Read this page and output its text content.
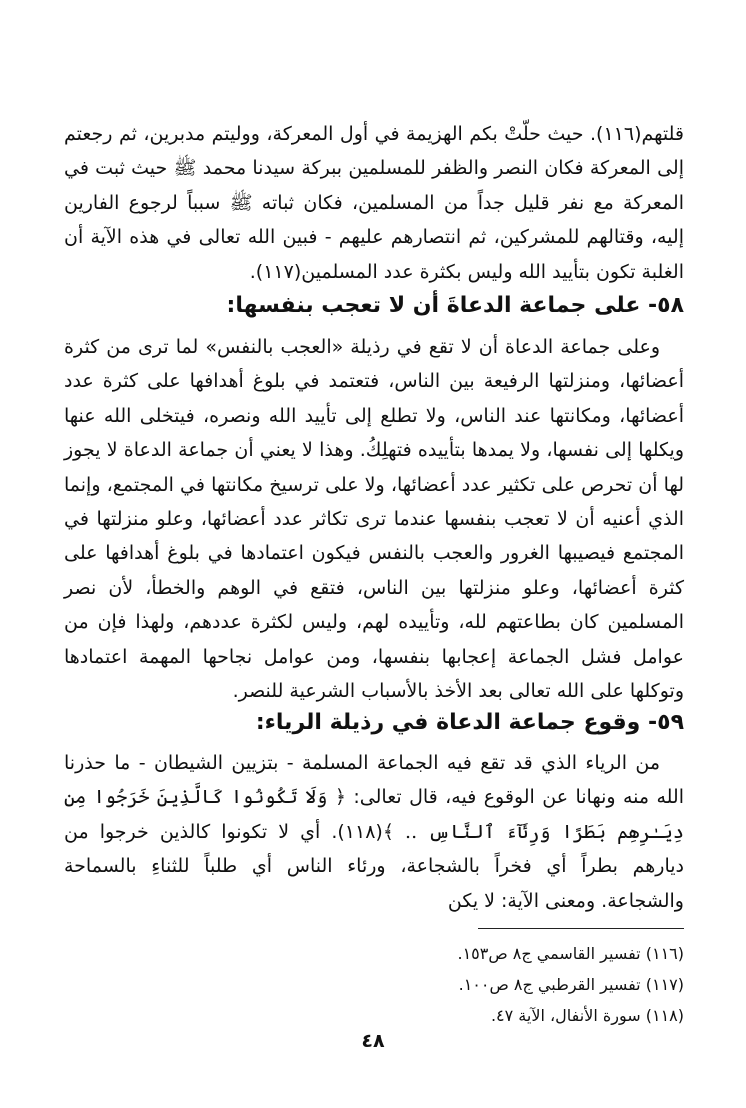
قلتهم(١١٦). حيث حلّتْ بكم الهزيمة في أول المعركة، ووليتم مدبرين، ثم رجعتم إلى المعركة فكان النصر والظفر للمسلمين ببركة سيدنا محمد ﷺ حيث ثبت في المعركة مع نفر قليل جداً من المسلمين، فكان ثباته ﷺ سبباً لرجوع الفارين إليه، وقتالهم للمشركين، ثم انتصارهم عليهم - فبين الله تعالى في هذه الآية أن الغلبة تكون بتأييد الله وليس بكثرة عدد المسلمين(١١٧).

٥٨- على جماعة الدعاةَ أن لا تعجب بنفسها:

وعلى جماعة الدعاة أن لا تقع في رذيلة «العجب بالنفس» لما ترى من كثرة أعضائها، ومنزلتها الرفيعة بين الناس، فتعتمد في بلوغ أهدافها على كثرة عدد أعضائها، ومكانتها عند الناس، ولا تطلع إلى تأييد الله ونصره، فيتخلى الله عنها ويكلها إلى نفسها، ولا يمدها بتأييده فتهلِكُ. وهذا لا يعني أن جماعة الدعاة لا يجوز لها أن تحرص على تكثير عدد أعضائها، ولا على ترسيخ مكانتها في المجتمع، وإنما الذي أعنيه أن لا تعجب بنفسها عندما ترى تكاثر عدد أعضائها، وعلو منزلتها في المجتمع فيصيبها الغرور والعجب بالنفس فيكون اعتمادها في بلوغ أهدافها على كثرة أعضائها، وعلو منزلتها بين الناس، فتقع في الوهم والخطأ، لأن نصر المسلمين كان بطاعتهم لله، وتأييده لهم، وليس لكثرة عددهم، ولهذا فإن من عوامل فشل الجماعة إعجابها بنفسها، ومن عوامل نجاحها المهمة اعتمادها وتوكلها على الله تعالى بعد الأخذ بالأسباب الشرعية للنصر.

٥٩- وقوع جماعة الدعاة في رذيلة الرياء:

من الرياء الذي قد تقع فيه الجماعة المسلمة - بتزيين الشيطان - ما حذرنا الله منه ونهانا عن الوقوع فيه، قال تعالى: ﴿ وَلَا تَكُونُوا كَالَّذِينَ خَرَجُوا مِن دِيَـٰرِهِم بَطَرًا وَرِئَآءَ ٱلنَّاسِ .. ﴾(١١٨). أي لا تكونوا كالذين خرجوا من ديارهم بطراً أي فخراً بالشجاعة، ورئاء الناس أي طلباً للثناءِ بالسماحة والشجاعة. ومعنى الآية: لا يكن

(١١٦) تفسير القاسمي ج٨ ص١٥٣.
(١١٧) تفسير القرطبي ج٨ ص١٠٠.
(١١٨) سورة الأنفال، الآية ٤٧.
٤٨
